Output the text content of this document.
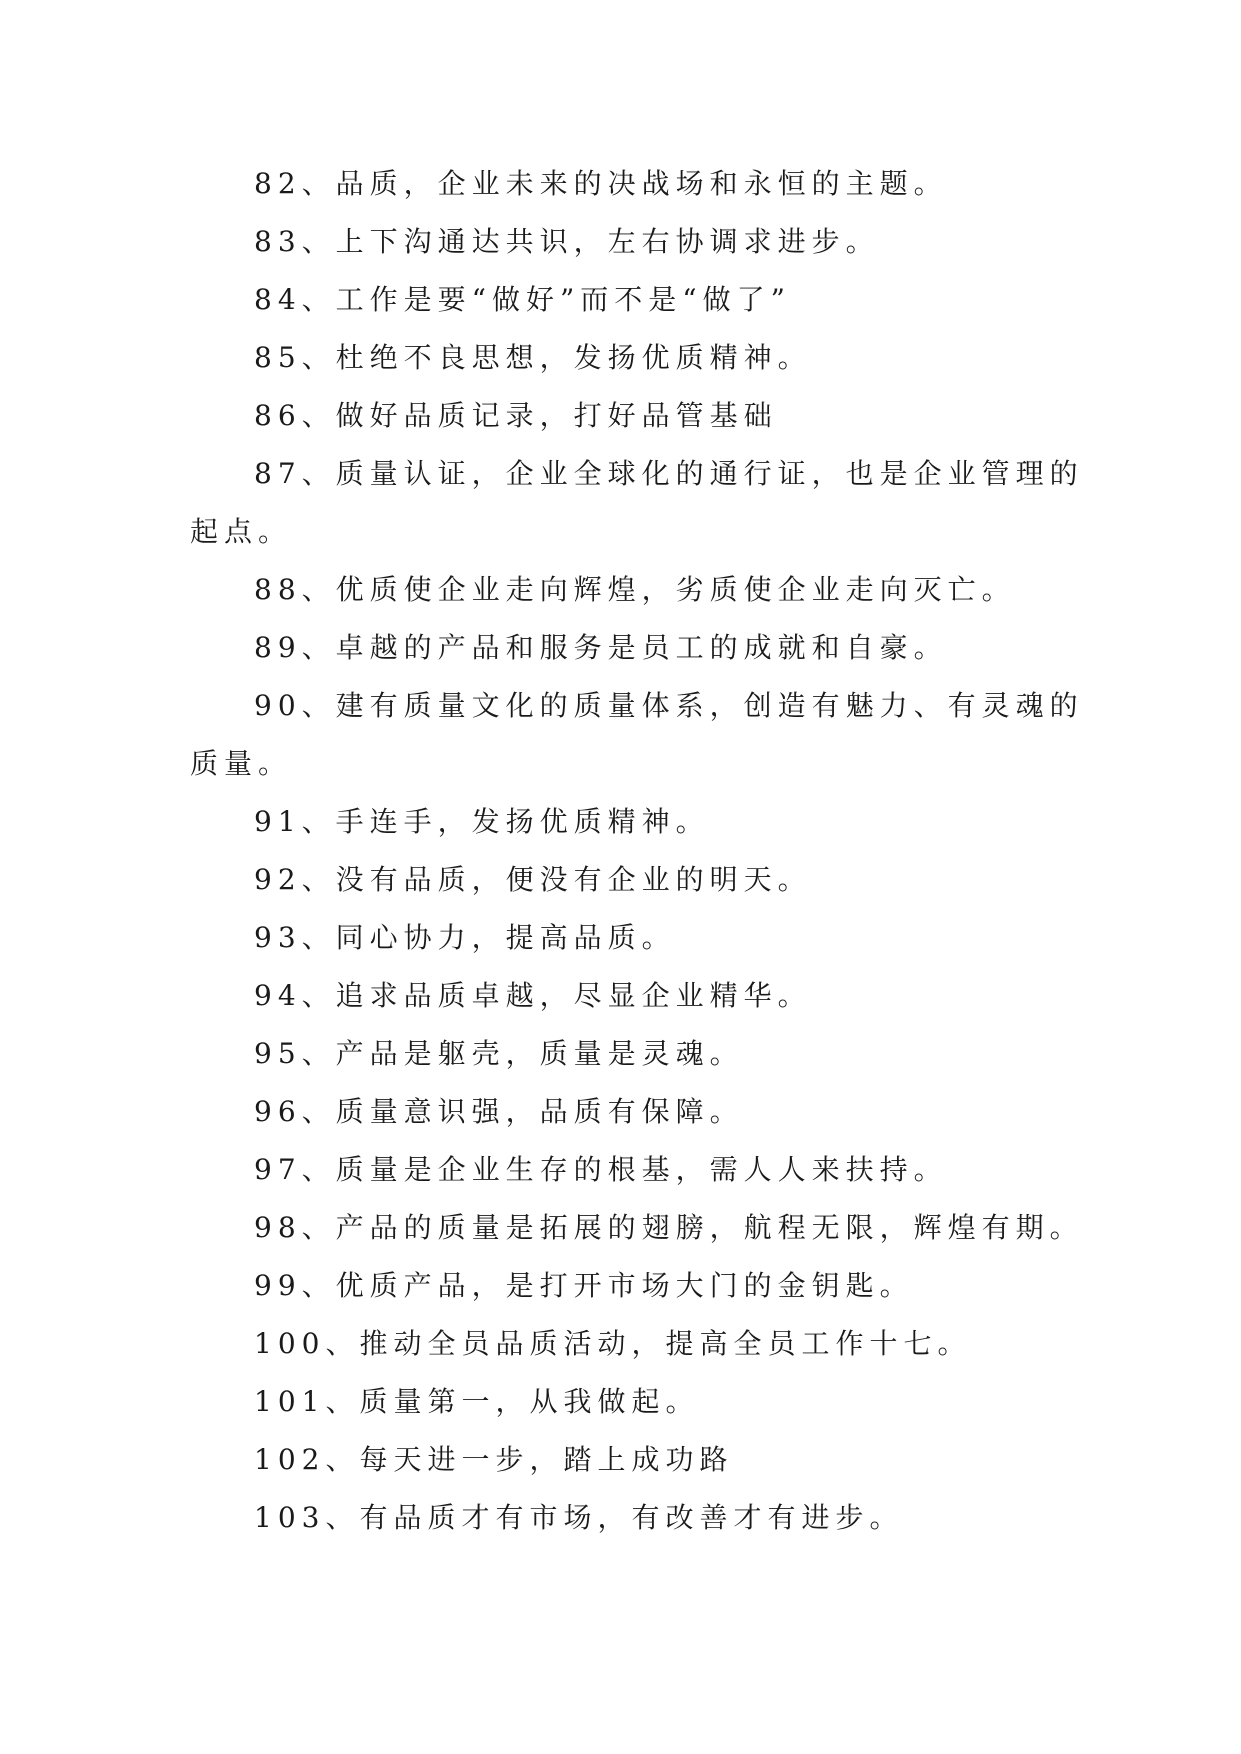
82、品质，企业未来的决战场和永恒的主题。
83、上下沟通达共识，左右协调求进步。
84、工作是要“做好”而不是“做了”
85、杜绝不良思想，发扬优质精神。
86、做好品质记录，打好品管基础
87、质量认证，企业全球化的通行证，也是企业管理的
起点。
88、优质使企业走向辉煌，劣质使企业走向灭亡。
89、卓越的产品和服务是员工的成就和自豪。
90、建有质量文化的质量体系，创造有魅力、有灵魂的
质量。
91、手连手，发扬优质精神。
92、没有品质，便没有企业的明天。
93、同心协力，提高品质。
94、追求品质卓越，尽显企业精华。
95、产品是躯壳，质量是灵魂。
96、质量意识强，品质有保障。
97、质量是企业生存的根基，需人人来扶持。
98、产品的质量是拓展的翅膀，航程无限，辉煌有期。
99、优质产品，是打开市场大门的金钥匙。
100、推动全员品质活动，提高全员工作十七。
101、质量第一，从我做起。
102、每天进一步，踏上成功路
103、有品质才有市场，有改善才有进步。
